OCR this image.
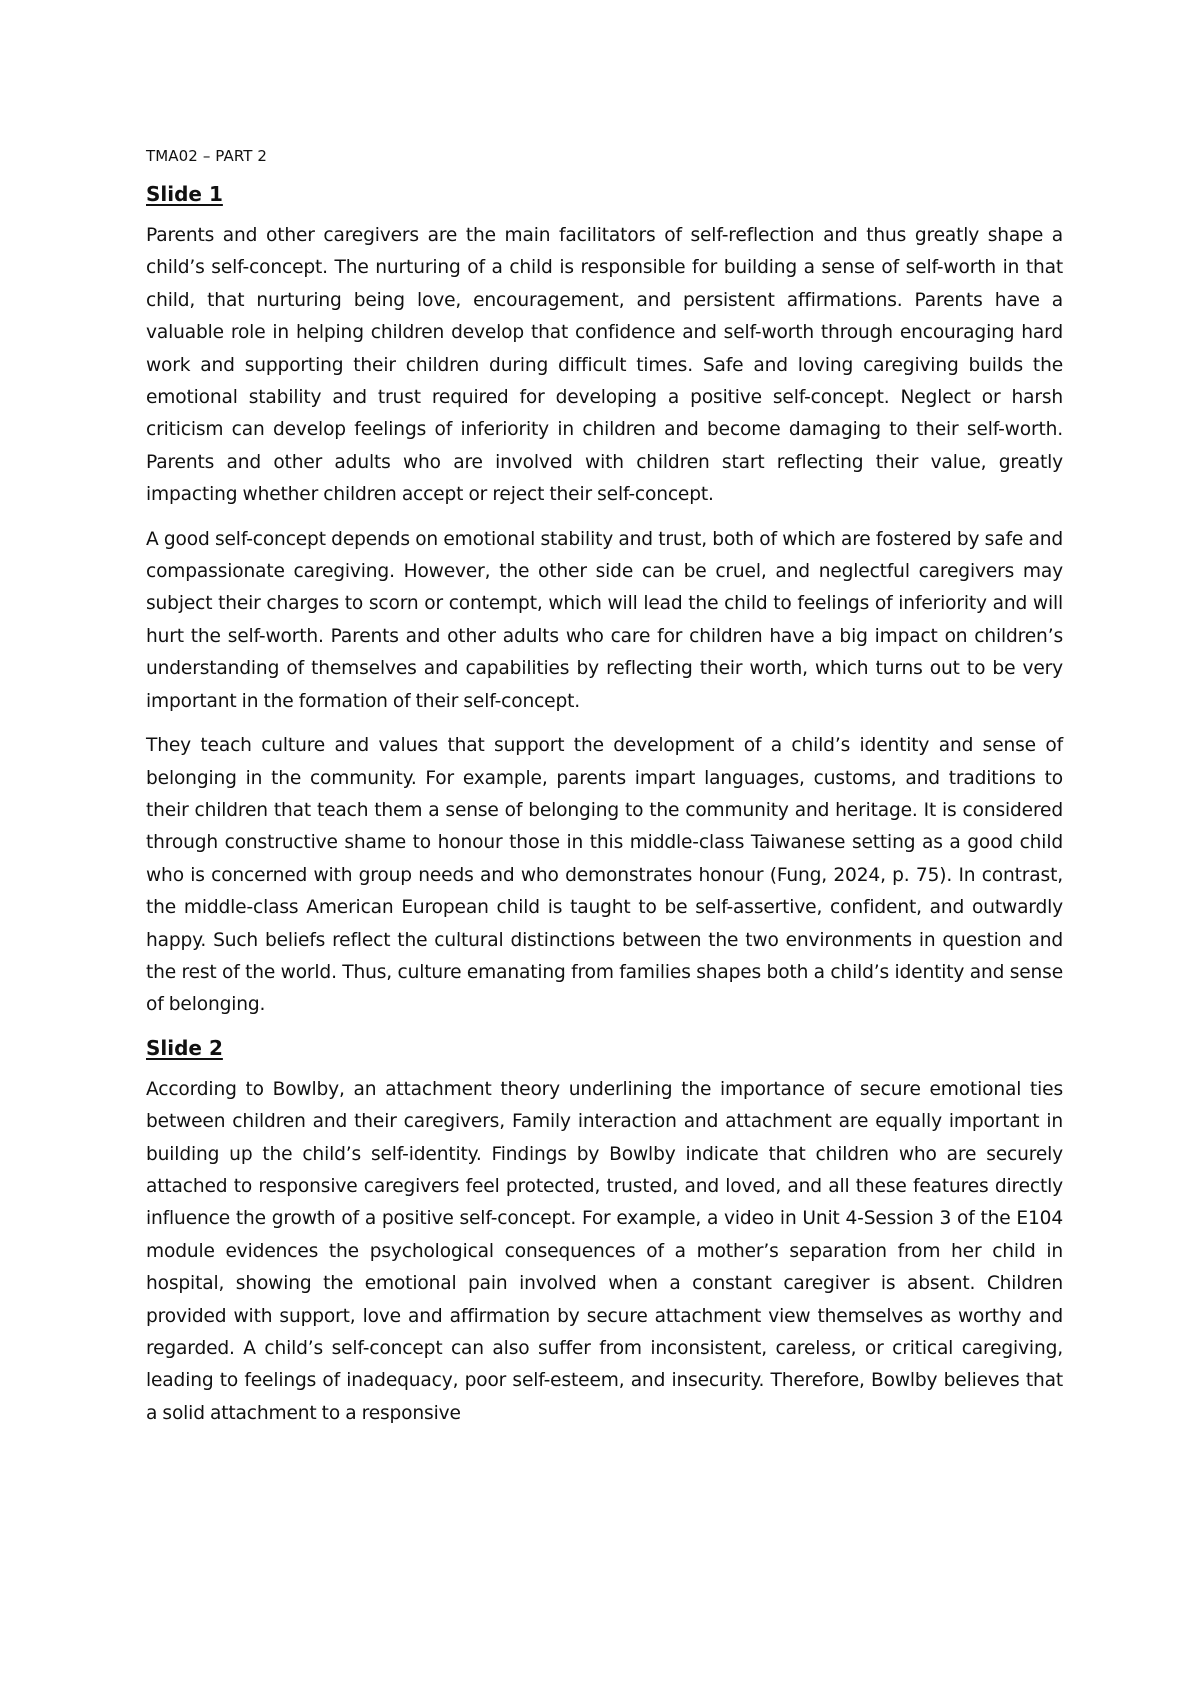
TMA02 – PART 2
Slide 1

Parents and other caregivers are the main facilitators of self-reflection and thus greatly shape a child’s self-concept. The nurturing of a child is responsible for building a sense of self-worth in that child, that nurturing being love, encouragement, and persistent affirmations. Parents have a valuable role in helping children develop that confidence and self-worth through encouraging hard work and supporting their children during difficult times. Safe and loving caregiving builds the emotional stability and trust required for developing a positive self-concept. Neglect or harsh criticism can develop feelings of inferiority in children and become damaging to their self-worth. Parents and other adults who are involved with children start reflecting their value, greatly impacting whether children accept or reject their self-concept.

A good self-concept depends on emotional stability and trust, both of which are fostered by safe and compassionate caregiving. However, the other side can be cruel, and neglectful caregivers may subject their charges to scorn or contempt, which will lead the child to feelings of inferiority and will hurt the self-worth. Parents and other adults who care for children have a big impact on children’s understanding of themselves and capabilities by reflecting their worth, which turns out to be very important in the formation of their self-concept.

They teach culture and values that support the development of a child’s identity and sense of belonging in the community. For example, parents impart languages, customs, and traditions to their children that teach them a sense of belonging to the community and heritage. It is considered through constructive shame to honour those in this middle-class Taiwanese setting as a good child who is concerned with group needs and who demonstrates honour (Fung, 2024, p. 75). In contrast, the middle-class American European child is taught to be self-assertive, confident, and outwardly happy. Such beliefs reflect the cultural distinctions between the two environments in question and the rest of the world. Thus, culture emanating from families shapes both a child’s identity and sense of belonging.

Slide 2

According to Bowlby, an attachment theory underlining the importance of secure emotional ties between children and their caregivers, Family interaction and attachment are equally important in building up the child’s self-identity. Findings by Bowlby indicate that children who are securely attached to responsive caregivers feel protected, trusted, and loved, and all these features directly influence the growth of a positive self-concept. For example, a video in Unit 4-Session 3 of the E104 module evidences the psychological consequences of a mother’s separation from her child in hospital, showing the emotional pain involved when a constant caregiver is absent. Children provided with support, love and affirmation by secure attachment view themselves as worthy and regarded. A child’s self-concept can also suffer from inconsistent, careless, or critical caregiving, leading to feelings of inadequacy, poor self-esteem, and insecurity. Therefore, Bowlby believes that a solid attachment to a responsive
